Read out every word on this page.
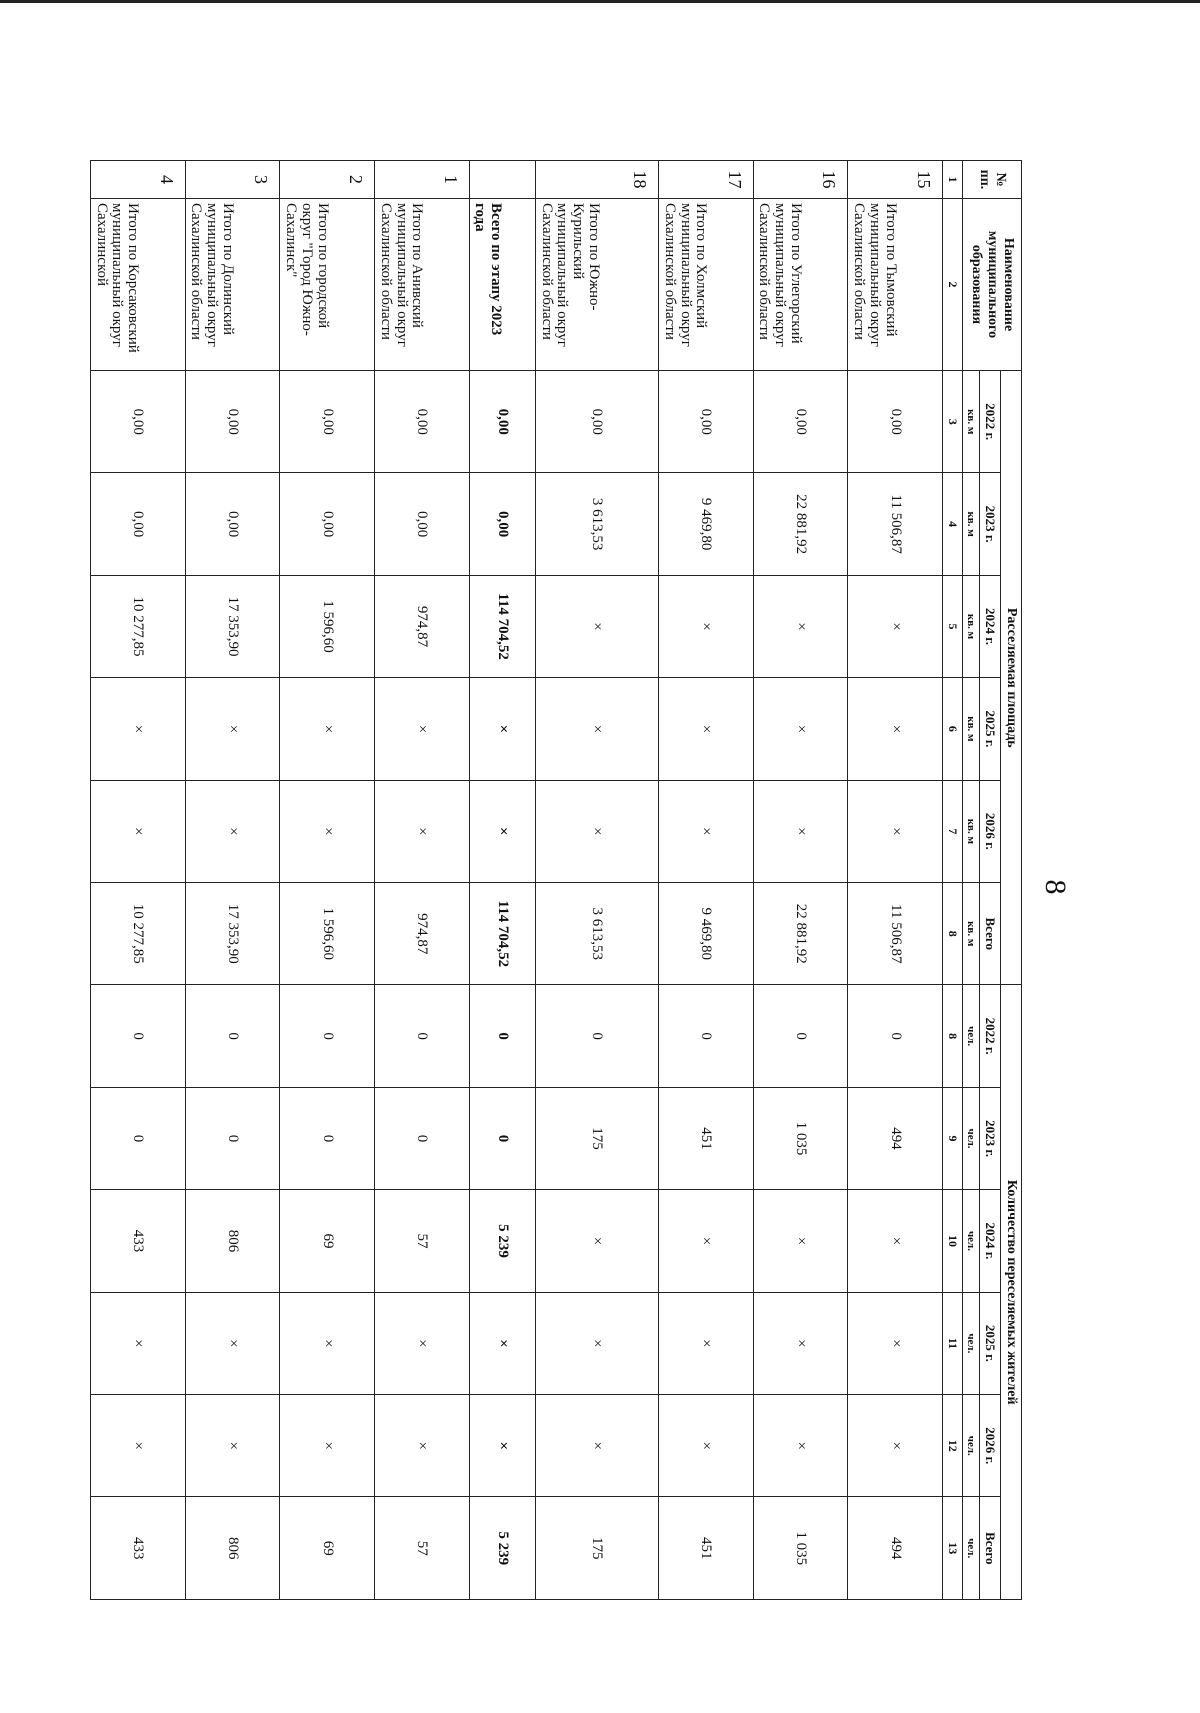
8
№ пп.	Наименование муниципального образования	Расселяемая площадь						Количество переселяемых жителей					
		2022 г.	2023 г.	2024 г.	2025 г.	2026 г.	Всего	2022 г.	2023 г.	2024 г.	2025 г.	2026 г.	Всего
		кв. м	кв. м	кв. м	кв. м	кв. м	кв. м	чел.	чел.	чел.	чел.	чел.	чел.
1	2	3	4	5	6	7	8	8	9	10	11	12	13
15	Итого по Тымовский муниципальный округ Сахалинской области	0,00	11 506,87	×	×	×	11 506,87	0	494	×	×	×	494
16	Итого по Углегорский муниципальный округ Сахалинской области	0,00	22 881,92	×	×	×	22 881,92	0	1 035	×	×	×	1 035
17	Итого по Холмский муниципальный округ Сахалинской области	0,00	9 469,80	×	×	×	9 469,80	0	451	×	×	×	451
18	Итого по Южно-Курильский муниципальный округ Сахалинской области	0,00	3 613,53	×	×	×	3 613,53	0	175	×	×	×	175
	Всего по этапу 2023 года	0,00	0,00	114 704,52	×	×	114 704,52	0	0	5 239	×	×	5 239
1	Итого по Анивский муниципальный округ Сахалинской области	0,00	0,00	974,87	×	×	974,87	0	0	57	×	×	57
2	Итого по городской округ "Город Южно-Сахалинск"	0,00	0,00	1 596,60	×	×	1 596,60	0	0	69	×	×	69
3	Итого по Долинский муниципальный округ Сахалинской области	0,00	0,00	17 353,90	×	×	17 353,90	0	0	806	×	×	806
4	Итого по Корсаковский муниципальный округ Сахалинской	0,00	0,00	10 277,85	×	×	10 277,85	0	0	433	×	×	433
